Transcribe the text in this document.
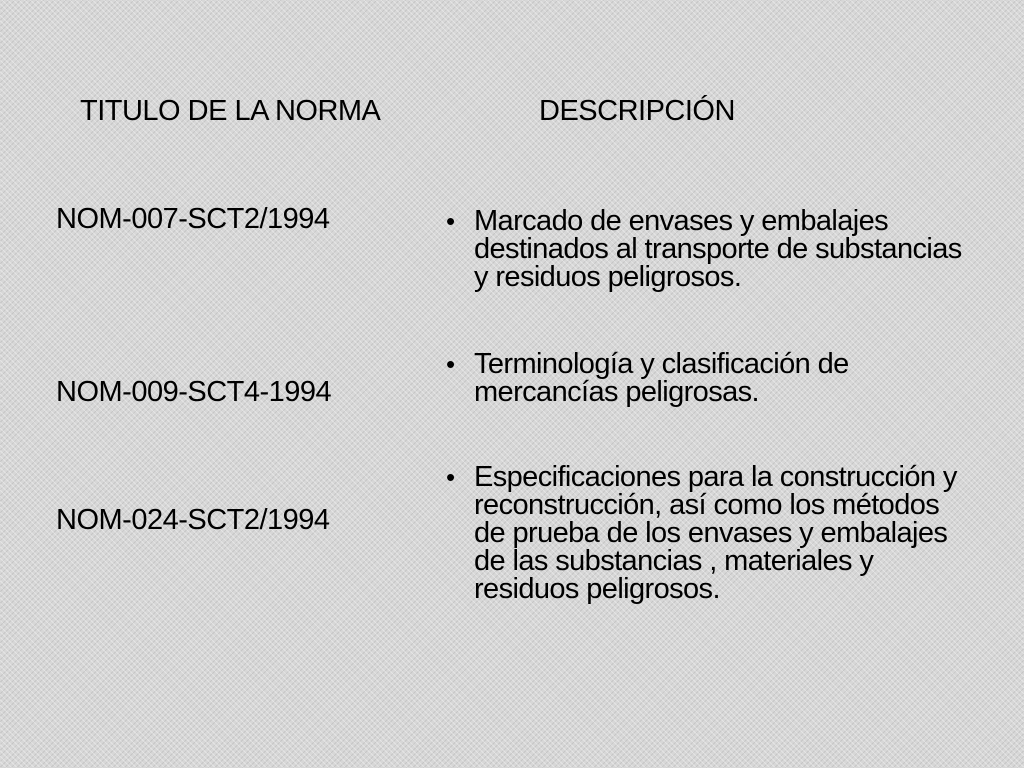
TITULO DE LA NORMA	DESCRIPCIÓN
NOM-007-SCT2/1994
NOM-009-SCT4-1994
NOM-024-SCT2/1994
• Marcado de envases y embalajes destinados al transporte de substancias y residuos peligrosos.
• Terminología y clasificación de mercancías peligrosas.
• Especificaciones para la construcción y reconstrucción, así como los métodos de prueba de los envases y embalajes de las substancias , materiales y residuos peligrosos.
